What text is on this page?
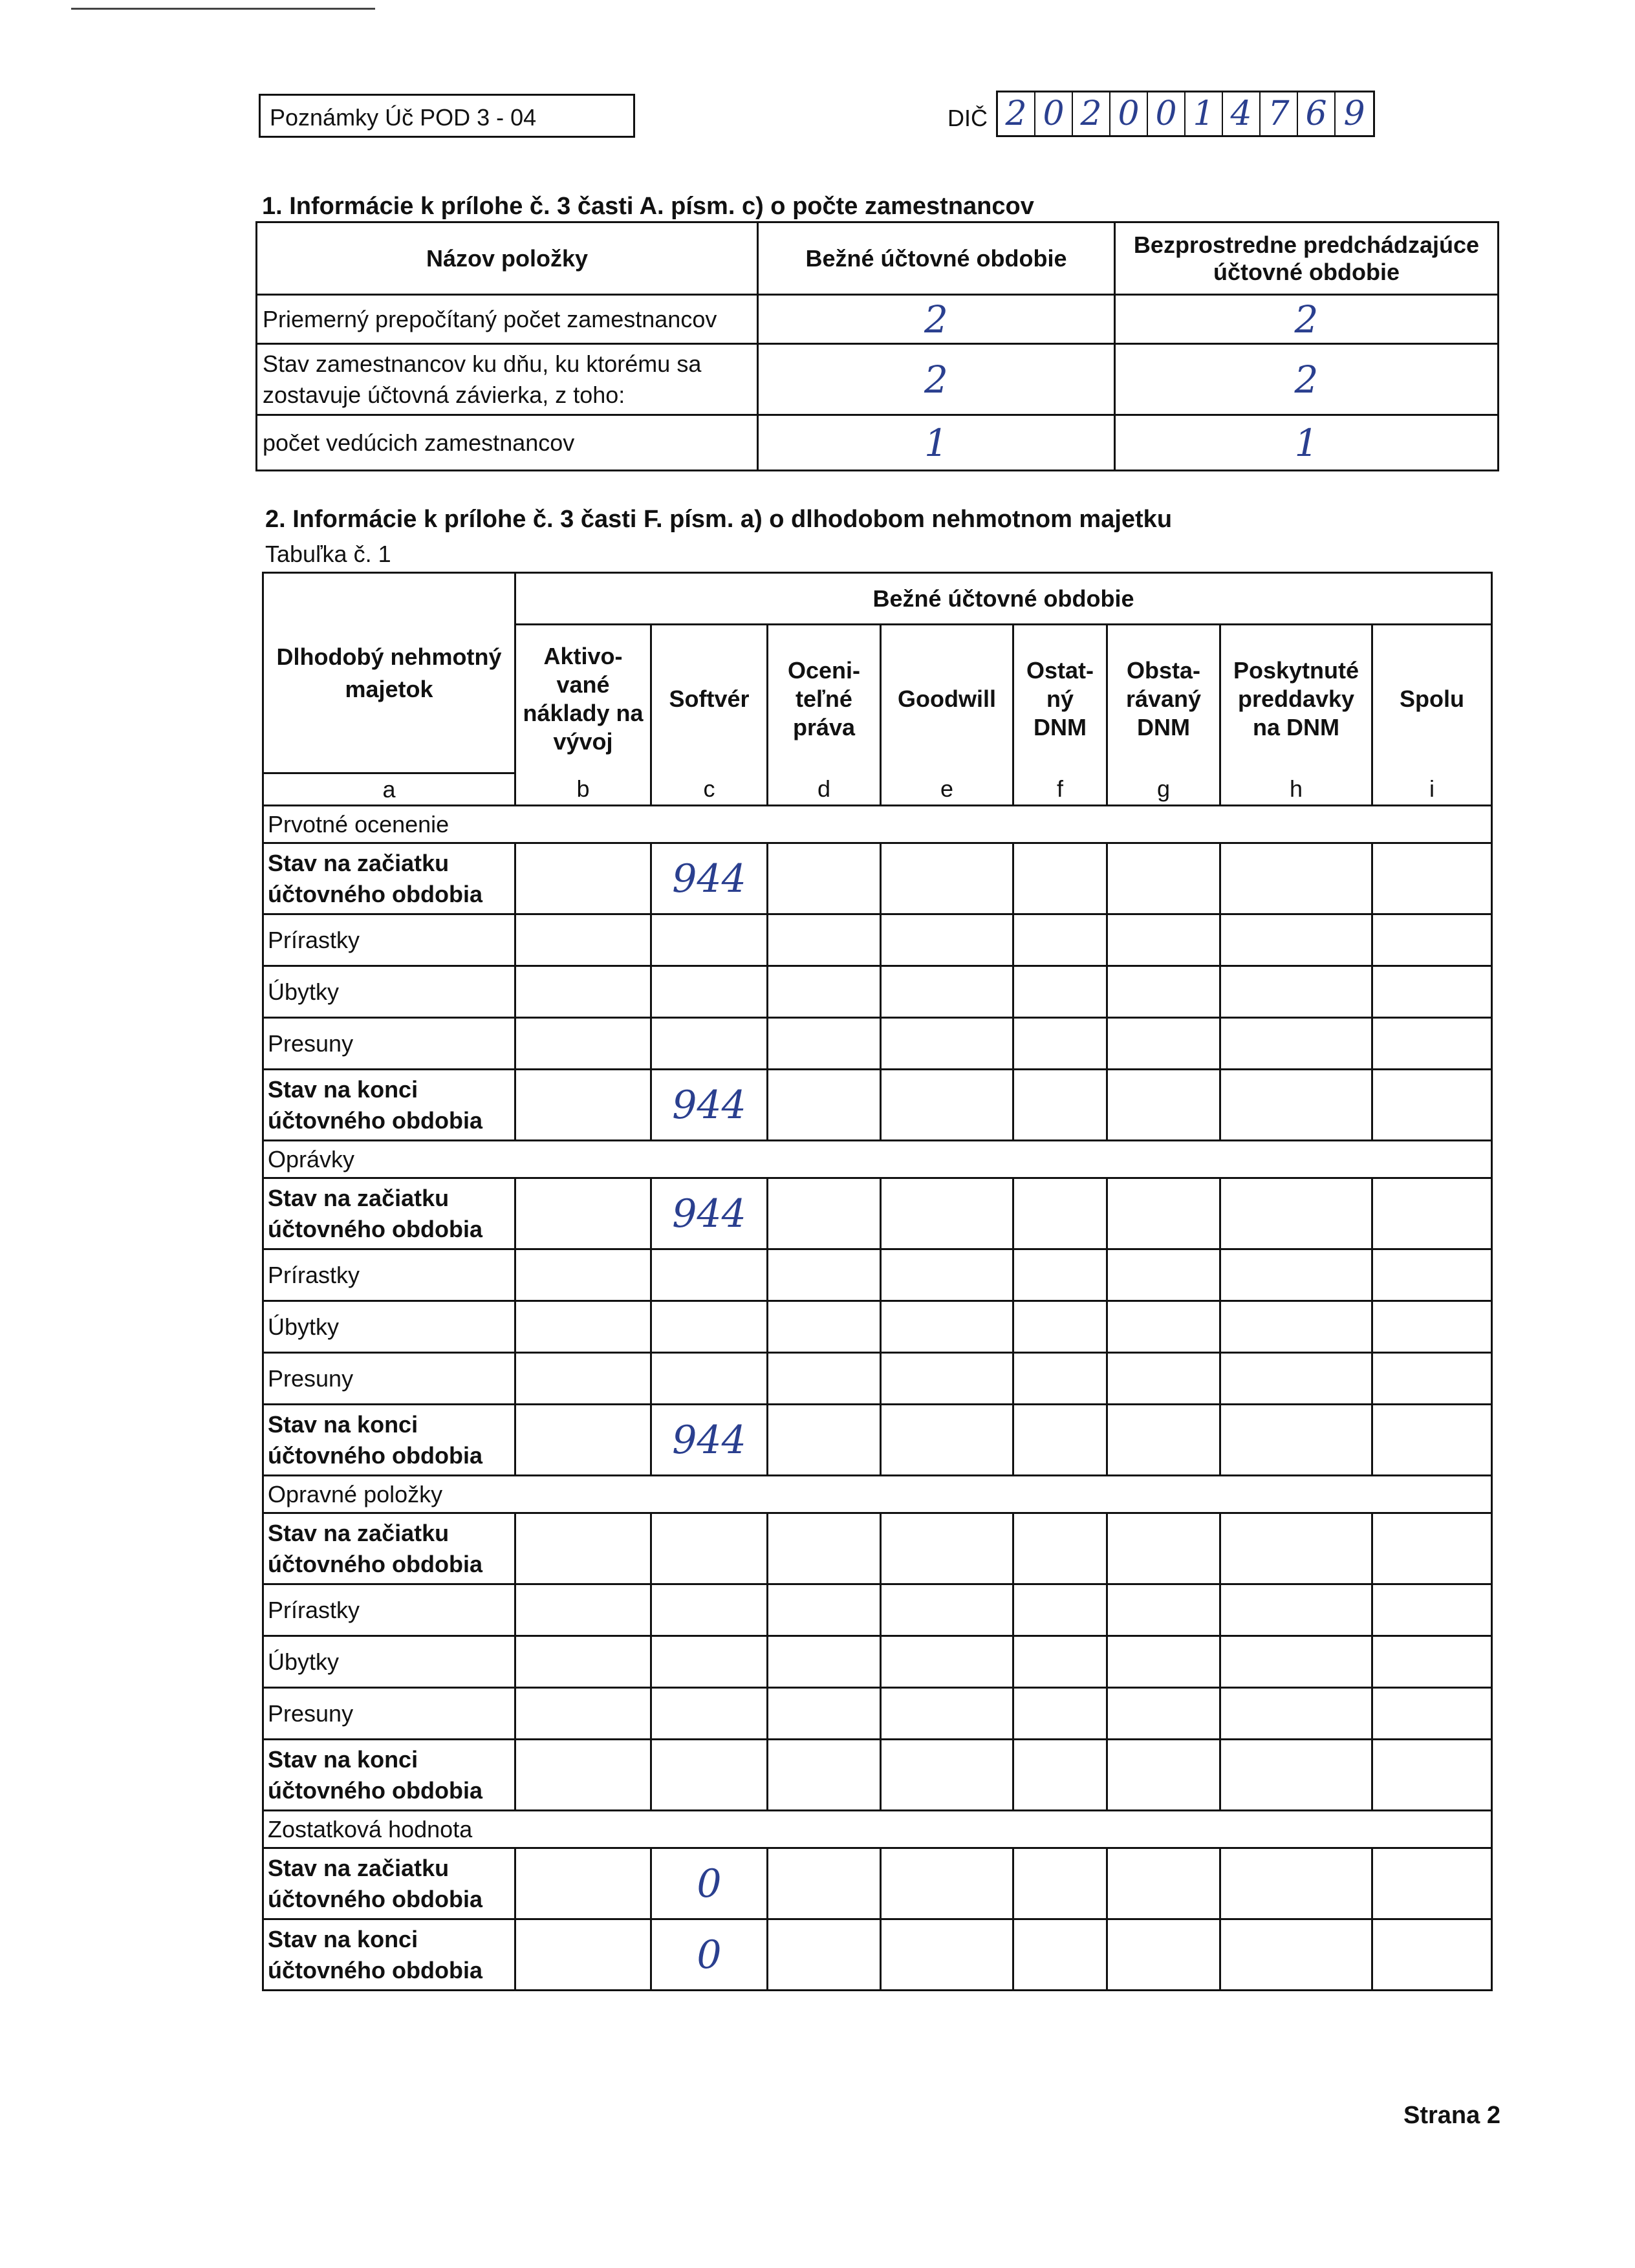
Poznámky Úč POD 3 - 04	DIČ 2 0 2 0 0 1 4 7 6 9
1. Informácie k prílohe č. 3 časti A. písm. c) o počte zamestnancov
Názov položky	Bežné účtovné obdobie	Bezprostredne predchádzajúce účtovné obdobie
Priemerný prepočítaný počet zamestnancov	2	2
Stav zamestnancov ku dňu, ku ktorému sa zostavuje účtovná závierka, z toho:	2	2
počet vedúcich zamestnancov	1	1
2. Informácie k prílohe č. 3 časti F. písm. a) o dlhodobom nehmotnom majetku
Tabuľka č. 1
Dlhodobý nehmotný majetok	Bežné účtovné obdobie							
	Aktivo-vané náklady na vývoj	Softvér	Oceni-teľné práva	Goodwill	Ostat-ný DNM	Obsta-rávaný DNM	Poskytnuté preddavky na DNM	Spolu
a	b	c	d	e	f	g	h	i
Prvotné ocenenie								
Stav na začiatku účtovného obdobia		944						
Prírastky								
Úbytky								
Presuny								
Stav na konci účtovného obdobia		944						
Oprávky								
Stav na začiatku účtovného obdobia		944						
Prírastky								
Úbytky								
Presuny								
Stav na konci účtovného obdobia		944						
Opravné položky								
Stav na začiatku účtovného obdobia								
Prírastky								
Úbytky								
Presuny								
Stav na konci účtovného obdobia								
Zostatková hodnota								
Stav na začiatku účtovného obdobia		0						
Stav na konci účtovného obdobia		0						
Strana 2
